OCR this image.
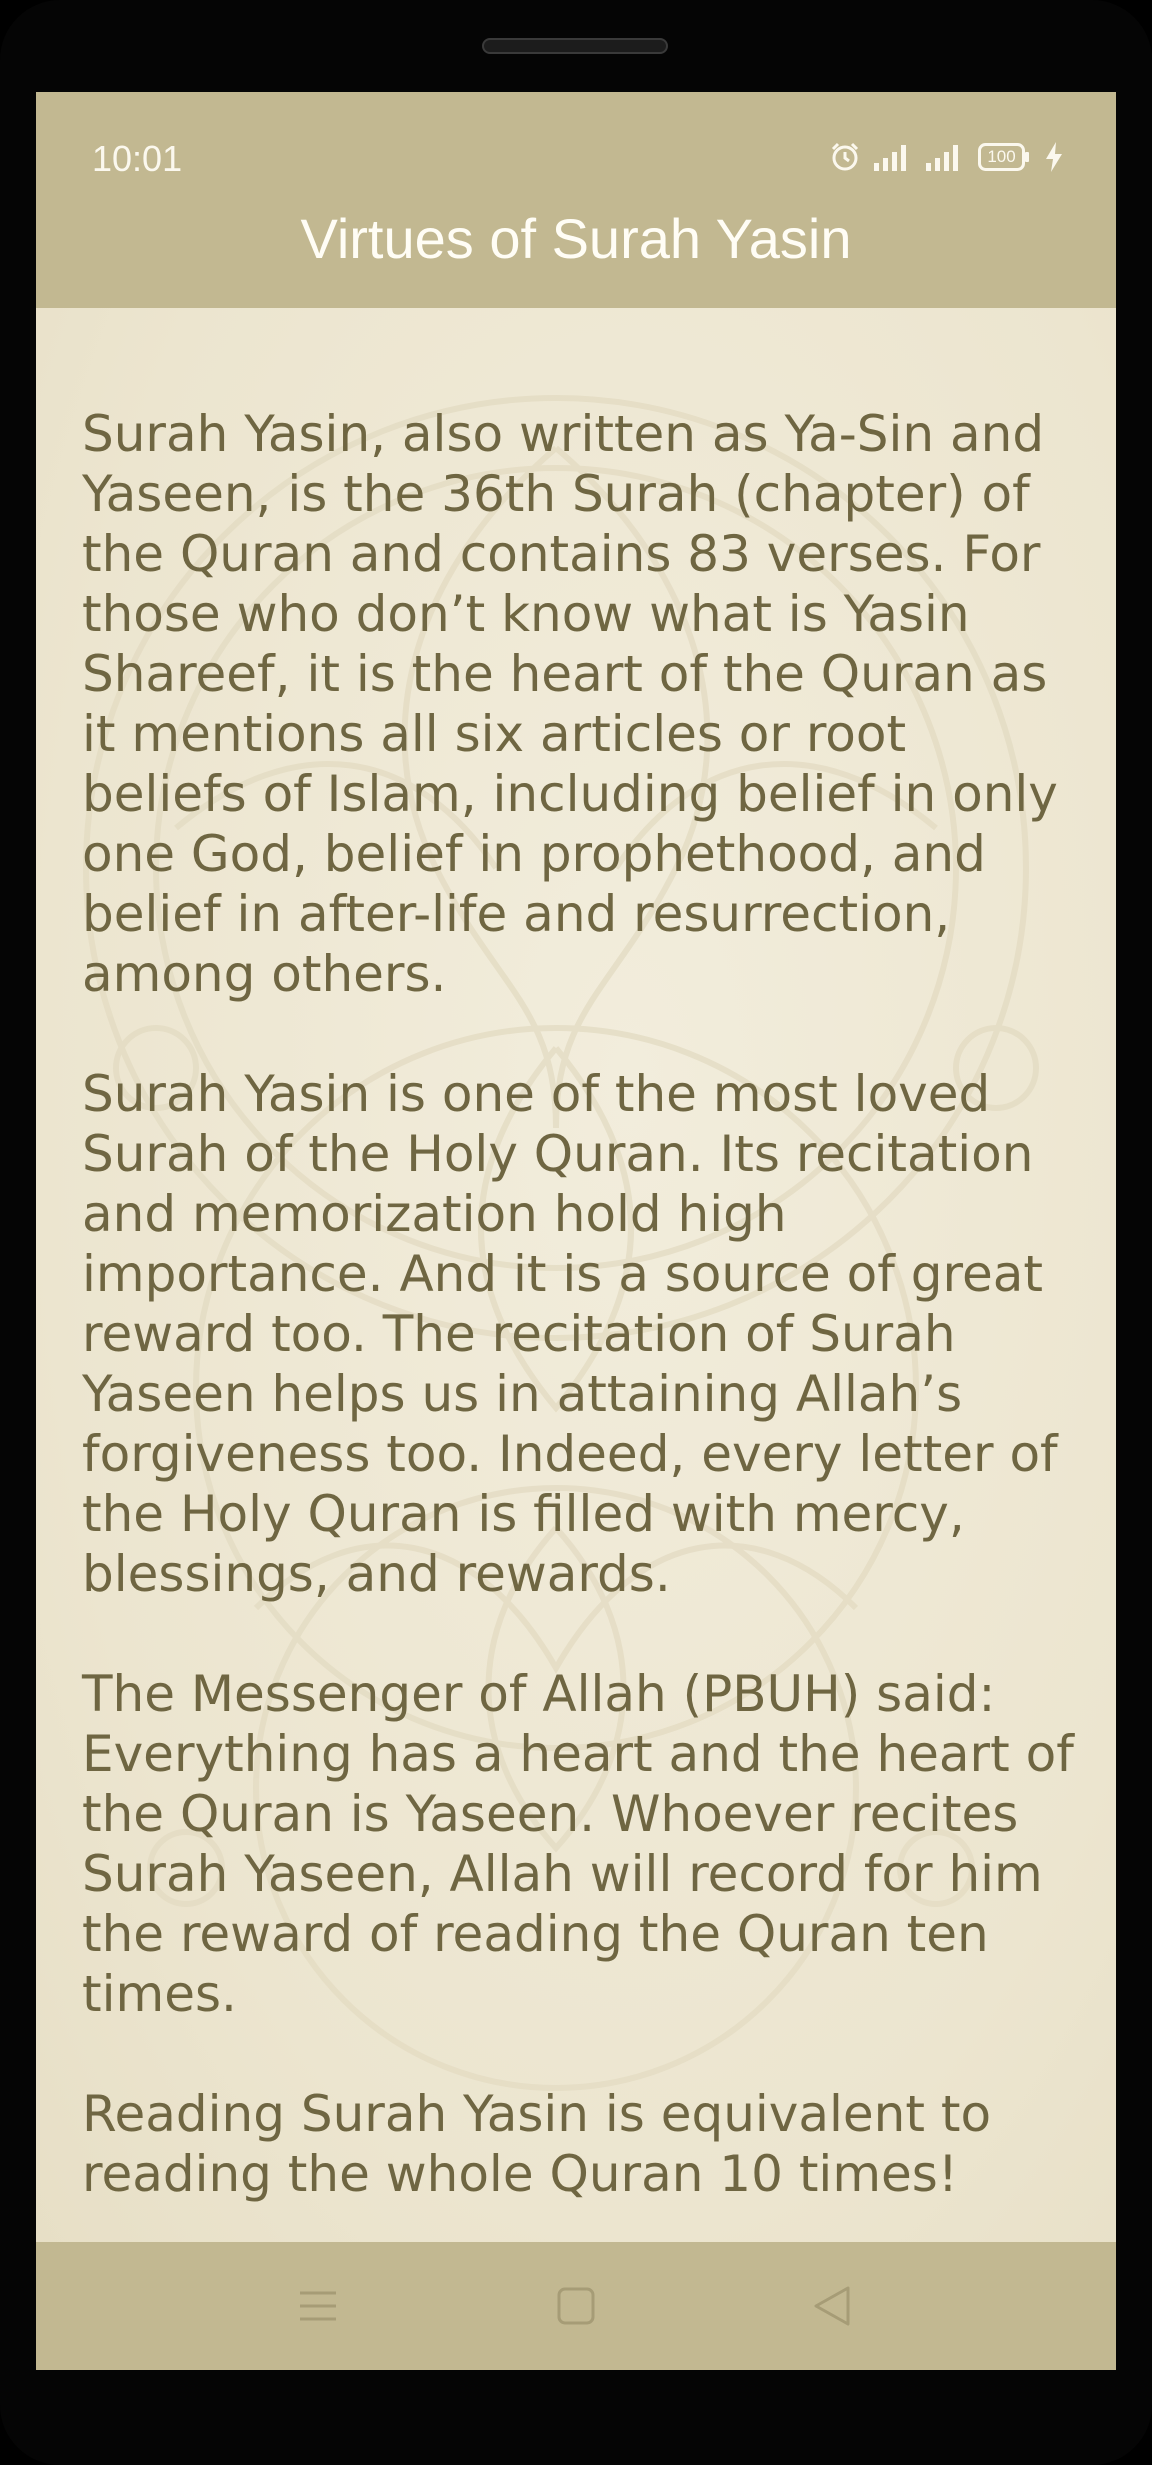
10:01	100
Virtues of Surah Yasin

Surah Yasin, also written as Ya-Sin and Yaseen, is the 36th Surah (chapter) of the Quran and contains 83 verses. For those who don’t know what is Yasin Shareef, it is the heart of the Quran as it mentions all six articles or root beliefs of Islam, including belief in only one God, belief in prophethood, and belief in after-life and resurrection, among others.

Surah Yasin is one of the most loved Surah of the Holy Quran. Its recitation and memorization hold high importance. And it is a source of great reward too. The recitation of Surah Yaseen helps us in attaining Allah’s forgiveness too. Indeed, every letter of the Holy Quran is filled with mercy, blessings, and rewards.

The Messenger of Allah (PBUH) said: Everything has a heart and the heart of the Quran is Yaseen. Whoever recites Surah Yaseen, Allah will record for him the reward of reading the Quran ten times.

Reading Surah Yasin is equivalent to reading the whole Quran 10 times!
